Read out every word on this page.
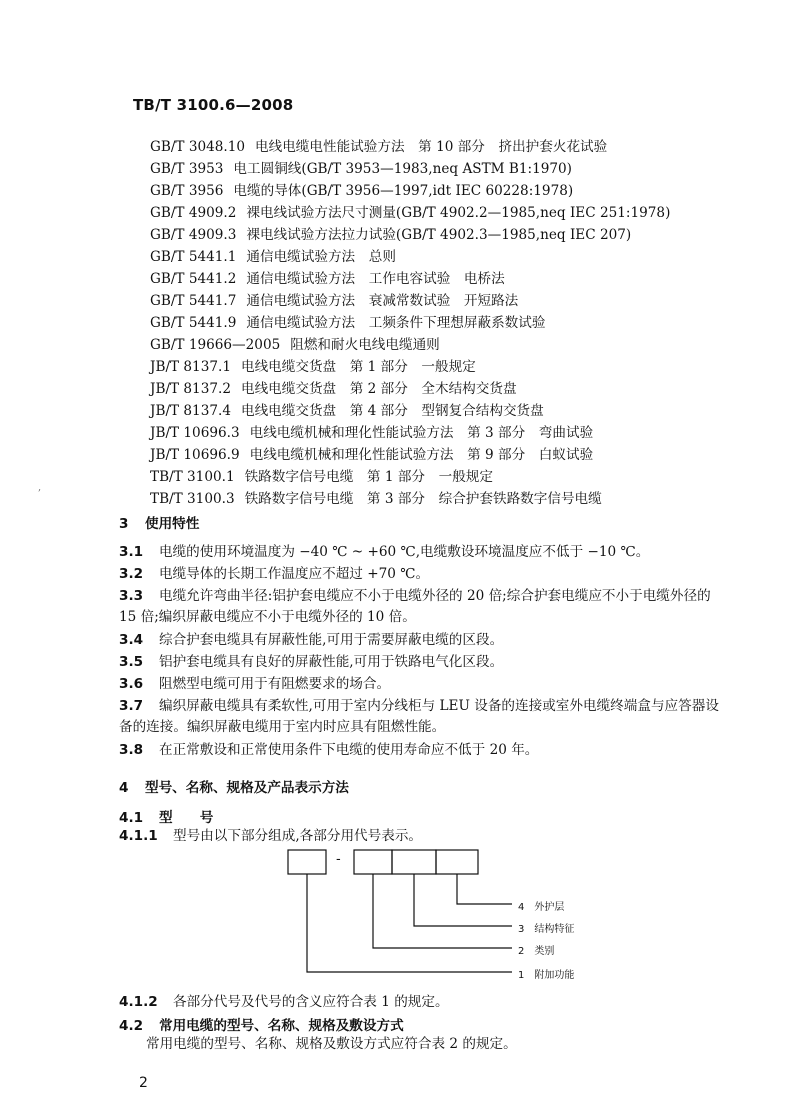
TB/T 3100.6—2008
GB/T 3048.10 电线电缆电性能试验方法　第 10 部分　挤出护套火花试验
GB/T 3953 电工圆铜线(GB/T 3953—1983,neq ASTM B1:1970)
GB/T 3956 电缆的导体(GB/T 3956—1997,idt IEC 60228:1978)
GB/T 4909.2 裸电线试验方法尺寸测量(GB/T 4902.2—1985,neq IEC 251:1978)
GB/T 4909.3 裸电线试验方法拉力试验(GB/T 4902.3—1985,neq IEC 207)
GB/T 5441.1 通信电缆试验方法　总则
GB/T 5441.2 通信电缆试验方法　工作电容试验　电桥法
GB/T 5441.7 通信电缆试验方法　衰减常数试验　开短路法
GB/T 5441.9 通信电缆试验方法　工频条件下理想屏蔽系数试验
GB/T 19666—2005 阻燃和耐火电线电缆通则
JB/T 8137.1 电线电缆交货盘　第 1 部分　一般规定
JB/T 8137.2 电线电缆交货盘　第 2 部分　全木结构交货盘
JB/T 8137.4 电线电缆交货盘　第 4 部分　型钢复合结构交货盘
JB/T 10696.3 电线电缆机械和理化性能试验方法　第 3 部分　弯曲试验
JB/T 10696.9 电线电缆机械和理化性能试验方法　第 9 部分　白蚁试验
TB/T 3100.1 铁路数字信号电缆　第 1 部分　一般规定
TB/T 3100.3 铁路数字信号电缆　第 3 部分　综合护套铁路数字信号电缆
,
3 使用特性
3.1 电缆的使用环境温度为 −40 ℃ ~ +60 ℃,电缆敷设环境温度应不低于 −10 ℃。
3.2 电缆导体的长期工作温度应不超过 +70 ℃。
3.3 电缆允许弯曲半径:铝护套电缆应不小于电缆外径的 20 倍;综合护套电缆应不小于电缆外径的
15 倍;编织屏蔽电缆应不小于电缆外径的 10 倍。
3.4 综合护套电缆具有屏蔽性能,可用于需要屏蔽电缆的区段。
3.5 铝护套电缆具有良好的屏蔽性能,可用于铁路电气化区段。
3.6 阻燃型电缆可用于有阻燃要求的场合。
3.7 编织屏蔽电缆具有柔软性,可用于室内分线柜与 LEU 设备的连接或室外电缆终端盒与应答器设
备的连接。编织屏蔽电缆用于室内时应具有阻燃性能。
3.8 在正常敷设和正常使用条件下电缆的使用寿命应不低于 20 年。
4 型号、名称、规格及产品表示方法
4.1 型　　号
4.1.1 型号由以下部分组成,各部分用代号表示。
-
4　外护层
3　结构特征
2　类别
1　附加功能
4.1.2 各部分代号及代号的含义应符合表 1 的规定。
4.2 常用电缆的型号、名称、规格及敷设方式
常用电缆的型号、名称、规格及敷设方式应符合表 2 的规定。
2
